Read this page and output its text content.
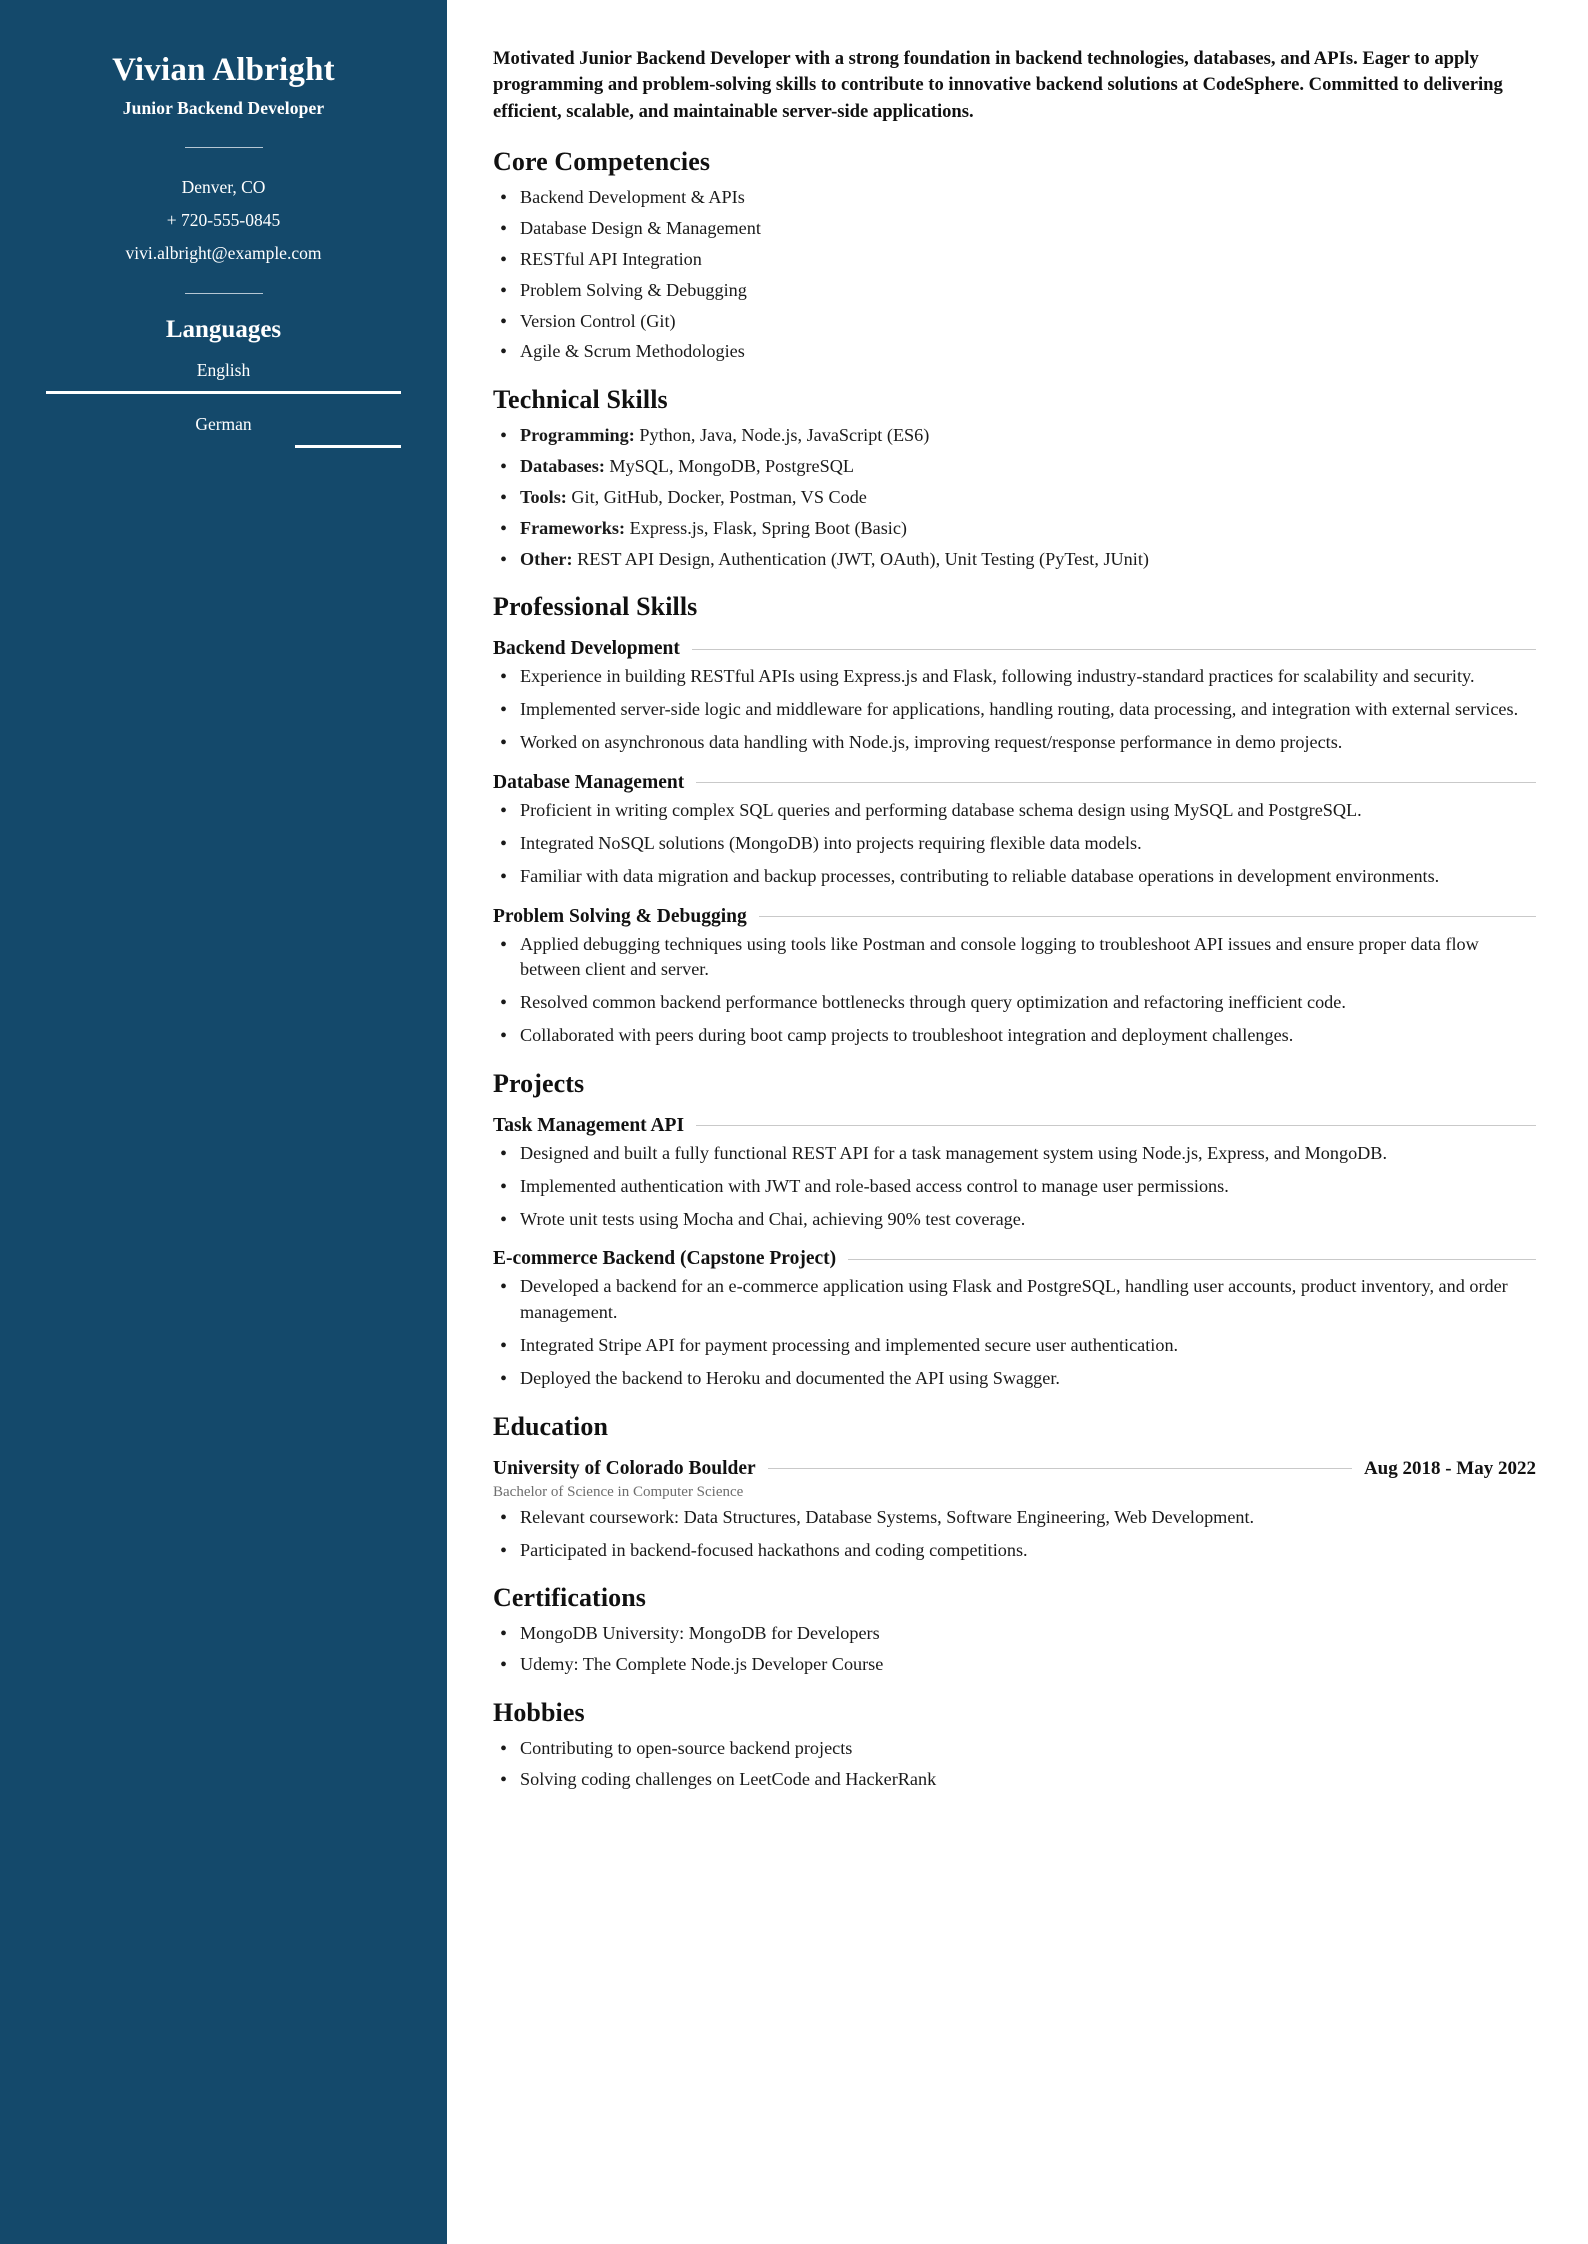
Vivian Albright
Junior Backend Developer
Denver, CO
+ 720-555-0845
vivi.albright@example.com
Languages
English
German

Motivated Junior Backend Developer with a strong foundation in backend technologies, databases, and APIs. Eager to apply programming and problem-solving skills to contribute to innovative backend solutions at CodeSphere. Committed to delivering efficient, scalable, and maintainable server-side applications.

Core Competencies
• Backend Development & APIs
• Database Design & Management
• RESTful API Integration
• Problem Solving & Debugging
• Version Control (Git)
• Agile & Scrum Methodologies
Technical Skills
• Programming: Python, Java, Node.js, JavaScript (ES6)
• Databases: MySQL, MongoDB, PostgreSQL
• Tools: Git, GitHub, Docker, Postman, VS Code
• Frameworks: Express.js, Flask, Spring Boot (Basic)
• Other: REST API Design, Authentication (JWT, OAuth), Unit Testing (PyTest, JUnit)
Professional Skills
Backend Development
• Experience in building RESTful APIs using Express.js and Flask, following industry-standard practices for scalability and security.
• Implemented server-side logic and middleware for applications, handling routing, data processing, and integration with external services.
• Worked on asynchronous data handling with Node.js, improving request/response performance in demo projects.
Database Management
• Proficient in writing complex SQL queries and performing database schema design using MySQL and PostgreSQL.
• Integrated NoSQL solutions (MongoDB) into projects requiring flexible data models.
• Familiar with data migration and backup processes, contributing to reliable database operations in development environments.
Problem Solving & Debugging
• Applied debugging techniques using tools like Postman and console logging to troubleshoot API issues and ensure proper data flow between client and server.
• Resolved common backend performance bottlenecks through query optimization and refactoring inefficient code.
• Collaborated with peers during boot camp projects to troubleshoot integration and deployment challenges.
Projects
Task Management API
• Designed and built a fully functional REST API for a task management system using Node.js, Express, and MongoDB.
• Implemented authentication with JWT and role-based access control to manage user permissions.
• Wrote unit tests using Mocha and Chai, achieving 90% test coverage.
E-commerce Backend (Capstone Project)
• Developed a backend for an e-commerce application using Flask and PostgreSQL, handling user accounts, product inventory, and order management.
• Integrated Stripe API for payment processing and implemented secure user authentication.
• Deployed the backend to Heroku and documented the API using Swagger.
Education
University of Colorado Boulder	Aug 2018 - May 2022
Bachelor of Science in Computer Science
• Relevant coursework: Data Structures, Database Systems, Software Engineering, Web Development.
• Participated in backend-focused hackathons and coding competitions.
Certifications
• MongoDB University: MongoDB for Developers
• Udemy: The Complete Node.js Developer Course
Hobbies
• Contributing to open-source backend projects
• Solving coding challenges on LeetCode and HackerRank
